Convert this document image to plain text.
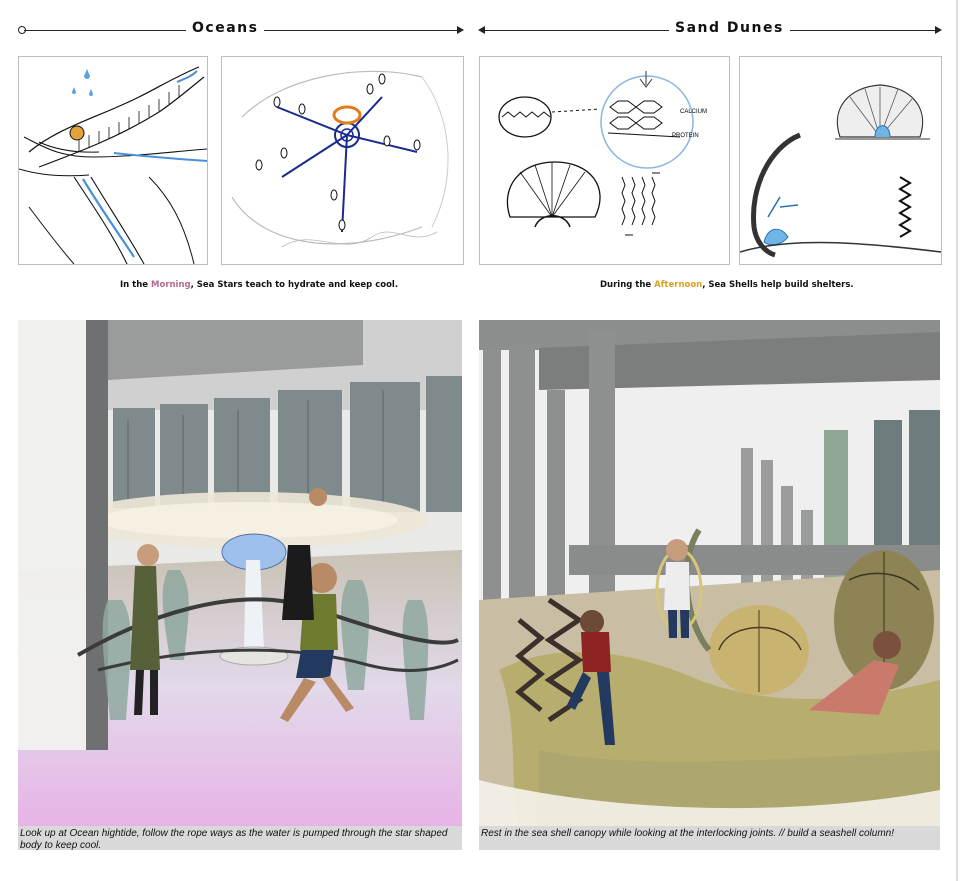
Oceans	Sand Dunes
CALCIUM
PROTEIN
In the Morning, Sea Stars teach to hydrate and keep cool.	During the Afternoon, Sea Shells help build shelters.
Look up at Ocean hightide, follow the rope ways as the water is pumped through the star shaped body to keep cool.
Rest in the sea shell canopy while looking at the interlocking joints. // build a seashell column!
